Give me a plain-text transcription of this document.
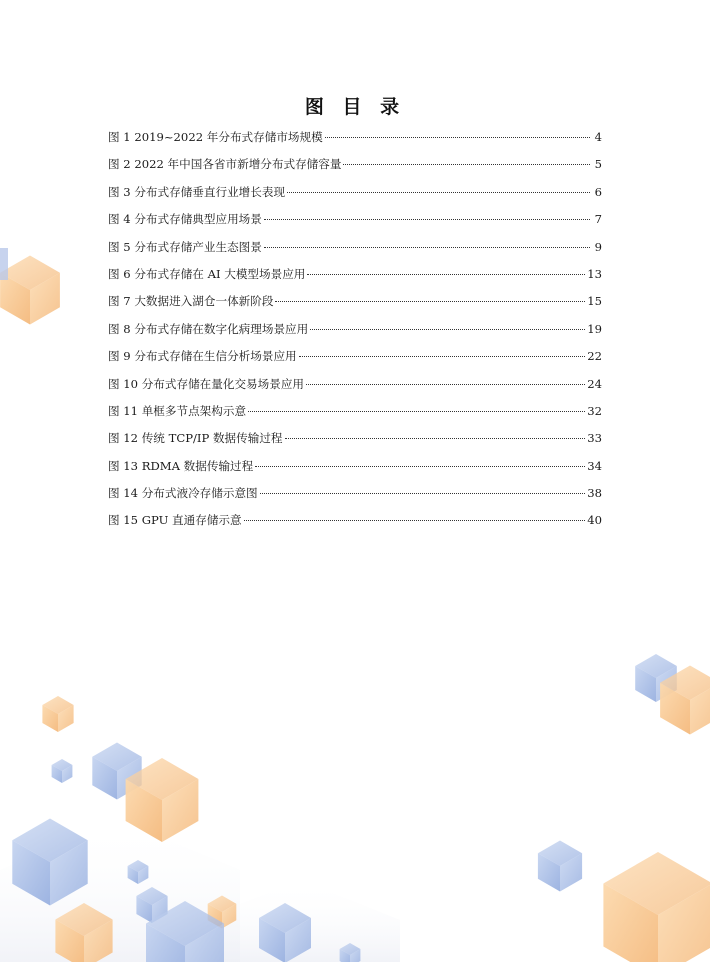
图 目 录
图 1 2019~2022 年分布式存储市场规模	4
图 2 2022 年中国各省市新增分布式存储容量	5
图 3 分布式存储垂直行业增长表现	6
图 4 分布式存储典型应用场景	7
图 5 分布式存储产业生态图景	9
图 6 分布式存储在 AI 大模型场景应用	13
图 7 大数据进入湖仓一体新阶段	15
图 8 分布式存储在数字化病理场景应用	19
图 9 分布式存储在生信分析场景应用	22
图 10 分布式存储在量化交易场景应用	24
图 11 单框多节点架构示意	32
图 12 传统 TCP/IP 数据传输过程	33
图 13 RDMA 数据传输过程	34
图 14 分布式液冷存储示意图	38
图 15 GPU 直通存储示意	40
